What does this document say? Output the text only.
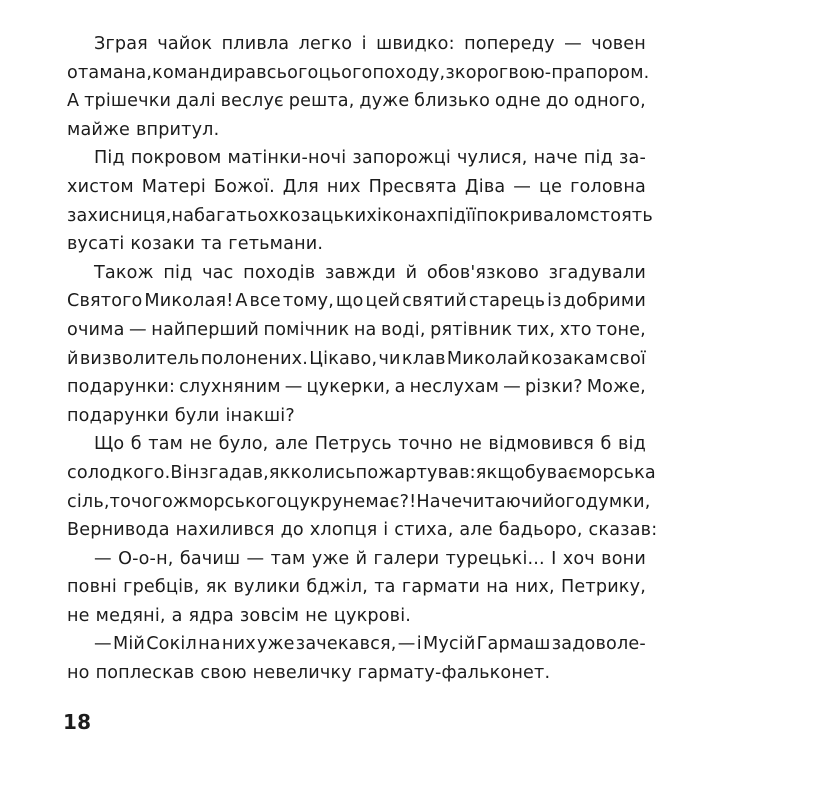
Зграя чайок пливла легко і швидко: попереду — човен
отамана, командира всього цього походу, з корогвою-прапором.
А трішечки далі веслує решта, дуже близько одне до одного,
майже впритул.

Під покровом матінки-ночі запорожці чулися, наче під за-
хистом Матері Божої. Для них Пресвята Діва — це головна
захисниця, на багатьох козацьких іконах під її покривалом стоять
вусаті козаки та гетьмани.

Також під час походів завжди й обов'язково згадували
Святого Миколая! А все тому, що цей святий старець із добрими
очима — найперший помічник на воді, рятівник тих, хто тоне,
й визволитель полонених. Цікаво, чи клав Миколай козакам свої
подарунки: слухняним — цукерки, а неслухам — різки? Може,
подарунки були інакші?

Що б там не було, але Петрусь точно не відмовився б від
солодкого. Він згадав, як колись пожартував: якщо буває морська
сіль, то чого ж морського цукру немає?! Наче читаючи його думки,
Вернивода нахилився до хлопця і стиха, але бадьоро, сказав:

— О-о-н, бачиш — там уже й галери турецькі... І хоч вони
повні гребців, як вулики бджіл, та гармати на них, Петрику,
не медяні, а ядра зовсім не цукрові.

— Мій Сокіл на них уже зачекався, — і Мусій Гармаш задоволе-
но поплескав свою невеличку гармату-фальконет.

18
